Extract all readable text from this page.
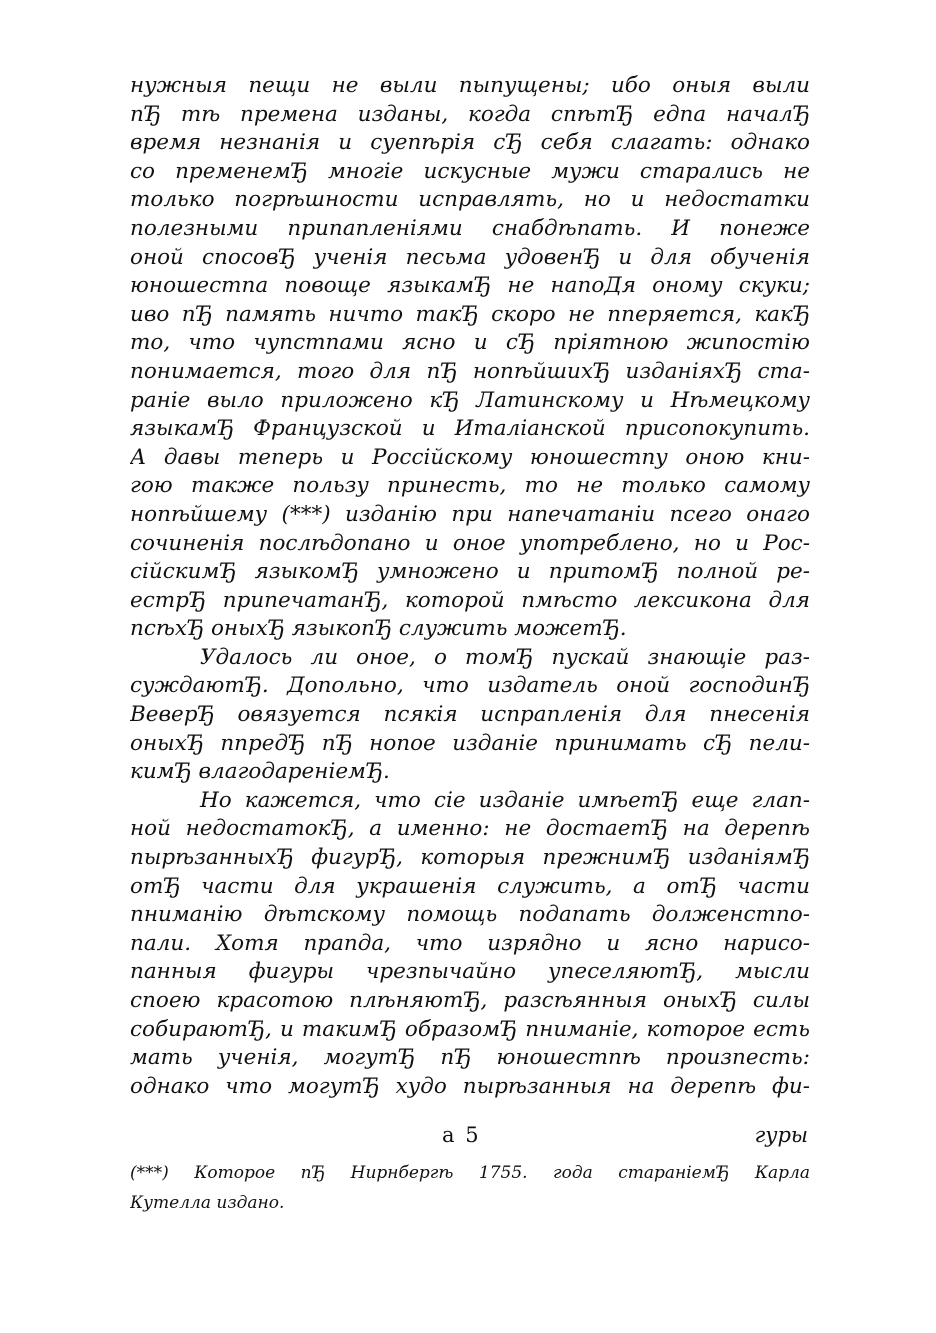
нужныя пещи не выли пыпущены; ибо оныя выли
пЂ тѣ премена изданы, когда спѣтЂ едпа началЂ
время незнанія и суепѣрія сЂ себя слагать: однако
со пременемЂ многіе искусные мужи старались не
только погрѣшности исправлять, но и недостатки
полезными припапленіями снабдѣпать. И понеже
оной спосовЂ ученія песьма удовенЂ и для обученія
юношестпа повоще языкамЂ не напоДя оному скуки;
иво пЂ память ничто такЂ скоро не пперяется, какЂ
то, что чупстпами ясно и сЂ пріятною жипостію
понимается, того для пЂ нопѣйшихЂ изданіяхЂ ста-
раніе выло приложено кЂ Латинскому и Нѣмецкому
языкамЂ Французской и Италіанской присопокупить.
А давы теперь и Россійскому юношестпу оною кни-
гою также пользу принесть, то не только самому
нопѣйшему (***) изданію при напечатаніи псего онаго
сочиненія послѣдопано и оное употреблено, но и Рос-
сійскимЂ языкомЂ умножено и притомЂ полной ре-
естрЂ припечатанЂ, которой пмѣсто лексикона для
псѣхЂ оныхЂ языкопЂ служить можетЂ.
Удалось ли оное, о томЂ пускай знающіе раз-
суждаютЂ. Допольно, что издатель оной господинЂ
ВеверЂ овязуется псякія испрапленія для пнесенія
оныхЂ ппредЂ пЂ нопое изданіе принимать сЂ пели-
кимЂ влагодареніемЂ.
Но кажется, что сіе изданіе имѣетЂ еще глап-
ной недостатокЂ, а именно: не достаетЂ на дерепѣ
пырѣзанныхЂ фигурЂ, которыя прежнимЂ изданіямЂ
отЂ части для украшенія служить, а отЂ части
пниманію дѣтскому помощь подапать долженстпо-
пали. Хотя прапда, что изрядно и ясно нарисо-
панныя фигуры чрезпычайно упеселяютЂ, мысли
спoею красотою плѣняютЂ, разсѣянныя оныхЂ силы
собираютЂ, и такимЂ образомЂ пниманіе, которое есть
мать ученія, могутЂ пЂ юношестпѣ произпесть:
однако что могутЂ худо пырѣзанныя на дерепѣ фи-
а 5	гуры
(***) Которое пЂ Нирнбергѣ 1755. года стараніемЂ Карла
Кутелла издано.
